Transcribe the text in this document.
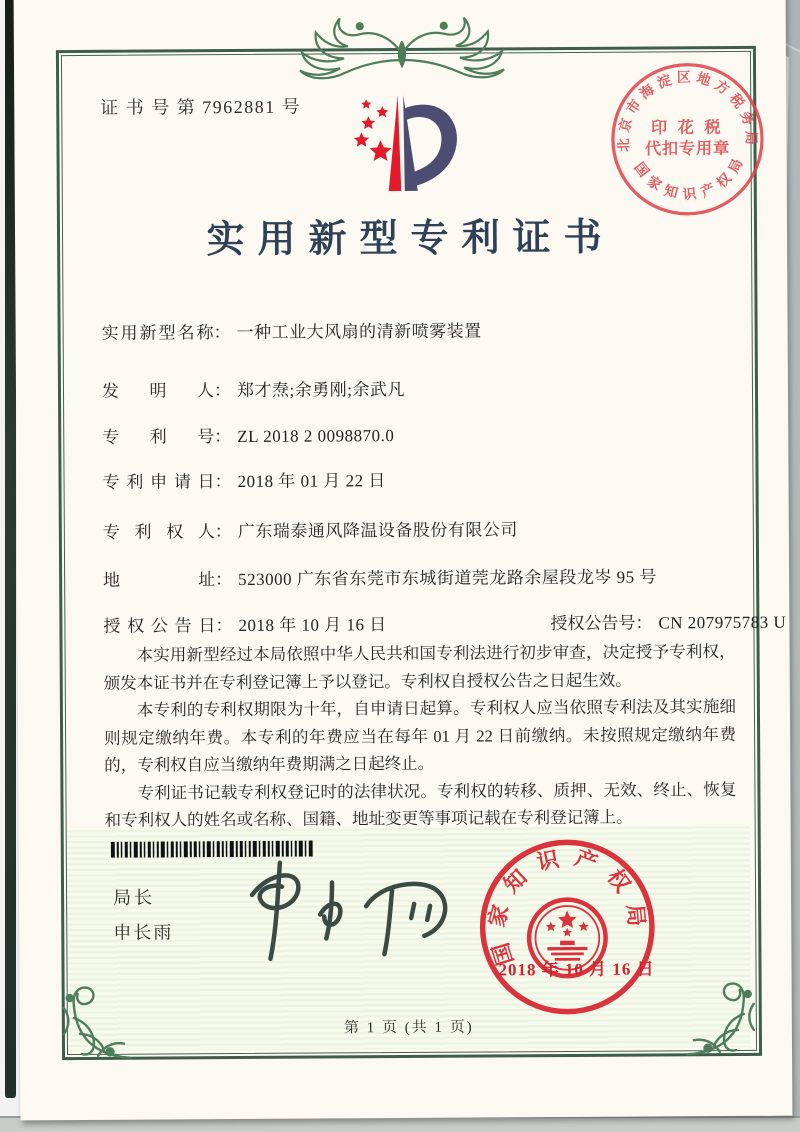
证 书 号 第 7962881 号
北京市海淀区地方税务局
印 花 税
代扣专用章
国家知识产权局
实用新型专利证书
实用新型名称： 一种工业大风扇的清新喷雾装置
发明人： 郑才焘;余勇刚;余武凡
专利号： ZL 2018 2 0098870.0
专利申请日： 2018 年 01 月 22 日
专利权人： 广东瑞泰通风降温设备股份有限公司
地址： 523000 广东省东莞市东城街道莞龙路余屋段龙岑 95 号
授权公告日： 2018 年 10 月 16 日	授权公告号： CN 207975783 U

本实用新型经过本局依照中华人民共和国专利法进行初步审查，决定授予专利权，颁发本证书并在专利登记簿上予以登记。专利权自授权公告之日起生效。

本专利的专利权期限为十年，自申请日起算。专利权人应当依照专利法及其实施细则规定缴纳年费。本专利的年费应当在每年 01 月 22 日前缴纳。未按照规定缴纳年费的，专利权自应当缴纳年费期满之日起终止。

专利证书记载专利权登记时的法律状况。专利权的转移、质押、无效、终止、恢复和专利权人的姓名或名称、国籍、地址变更等事项记载在专利登记簿上。

局长
申长雨	国家知识产权局
2018 年 10 月 16 日
第 1 页 (共 1 页)
